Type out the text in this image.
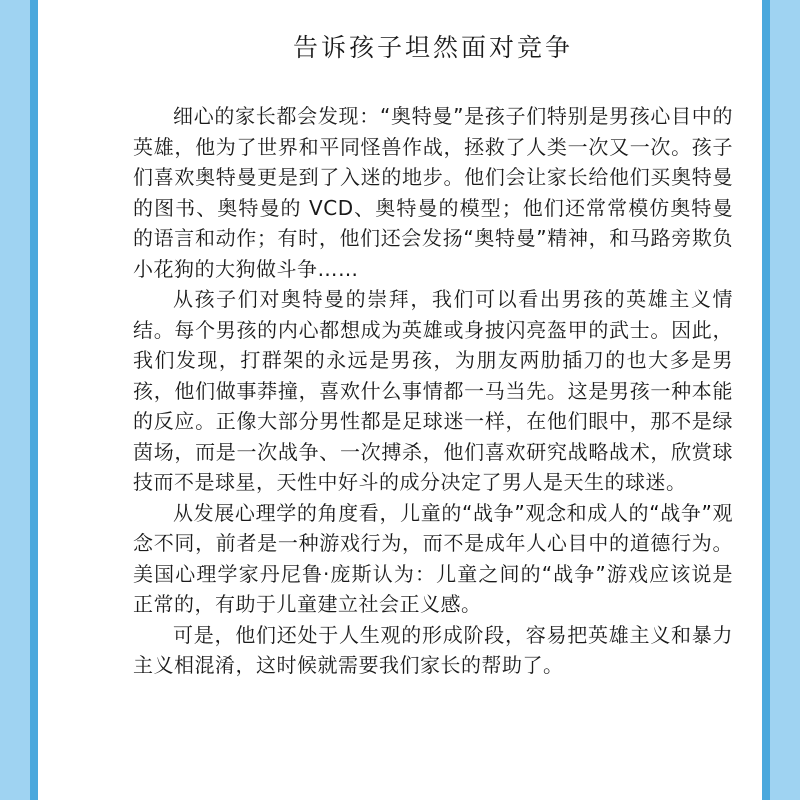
告诉孩子坦然面对竞争

细心的家长都会发现：“奥特曼”是孩子们特别是男孩心目中的英雄，他为了世界和平同怪兽作战，拯救了人类一次又一次。孩子们喜欢奥特曼更是到了入迷的地步。他们会让家长给他们买奥特曼的图书、奥特曼的 VCD、奥特曼的模型；他们还常常模仿奥特曼的语言和动作；有时，他们还会发扬“奥特曼”精神，和马路旁欺负小花狗的大狗做斗争……

从孩子们对奥特曼的崇拜，我们可以看出男孩的英雄主义情结。每个男孩的内心都想成为英雄或身披闪亮盔甲的武士。因此，我们发现，打群架的永远是男孩，为朋友两肋插刀的也大多是男孩，他们做事莽撞，喜欢什么事情都一马当先。这是男孩一种本能的反应。正像大部分男性都是足球迷一样，在他们眼中，那不是绿茵场，而是一次战争、一次搏杀，他们喜欢研究战略战术，欣赏球技而不是球星，天性中好斗的成分决定了男人是天生的球迷。

从发展心理学的角度看，儿童的“战争”观念和成人的“战争”观念不同，前者是一种游戏行为，而不是成年人心目中的道德行为。美国心理学家丹尼鲁·庞斯认为：儿童之间的“战争”游戏应该说是正常的，有助于儿童建立社会正义感。

可是，他们还处于人生观的形成阶段，容易把英雄主义和暴力主义相混淆，这时候就需要我们家长的帮助了。
